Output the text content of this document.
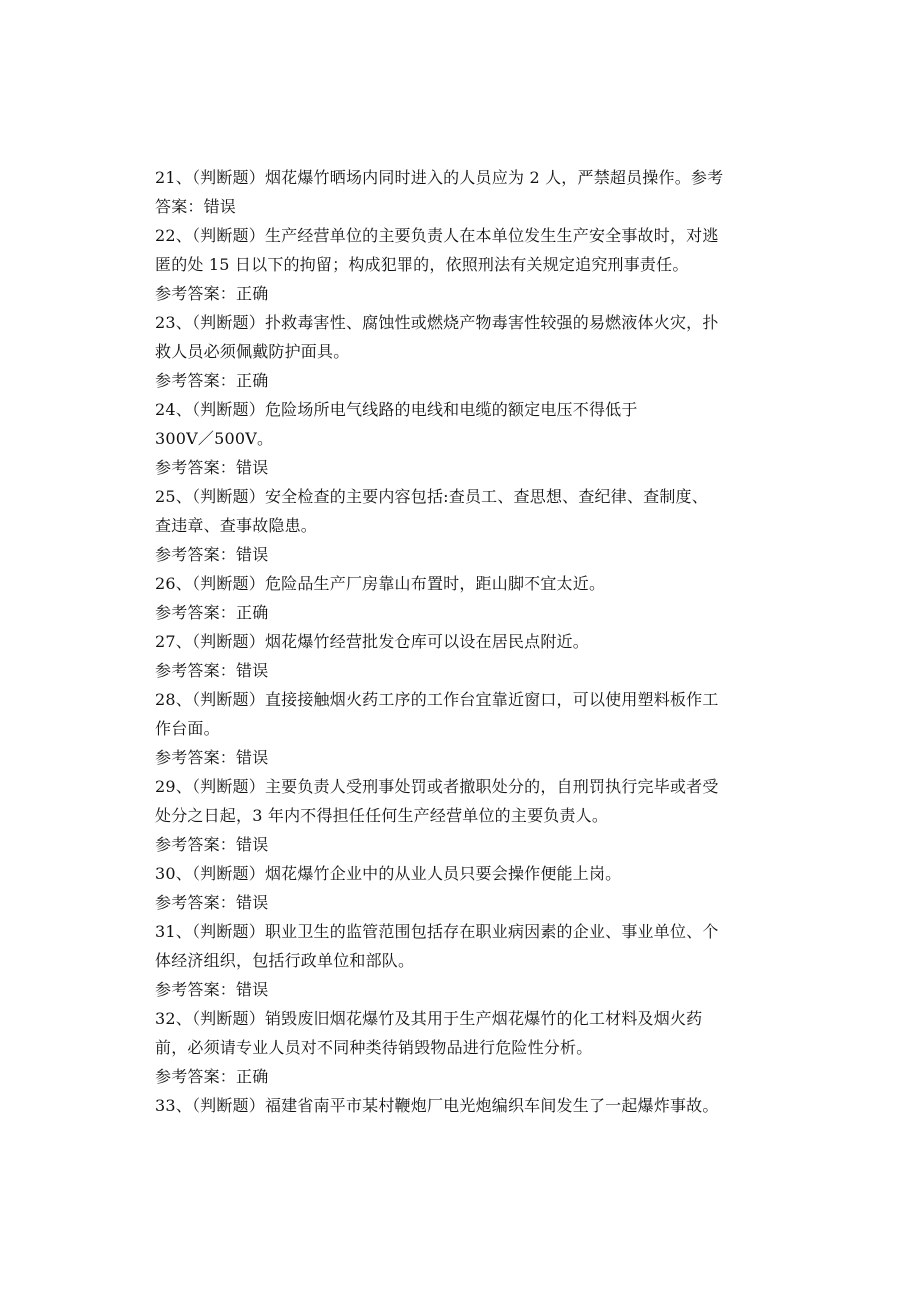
21、（判断题）烟花爆竹晒场内同时进入的人员应为 2 人，严禁超员操作。参考
答案：错误
22、（判断题）生产经营单位的主要负责人在本单位发生生产安全事故时，对逃
匿的处 15 日以下的拘留；构成犯罪的，依照刑法有关规定追究刑事责任。
参考答案：正确
23、（判断题）扑救毒害性、腐蚀性或燃烧产物毒害性较强的易燃液体火灾，扑
救人员必须佩戴防护面具。
参考答案：正确
24、（判断题）危险场所电气线路的电线和电缆的额定电压不得低于
300V／500V。
参考答案：错误
25、（判断题）安全检查的主要内容包括:查员工、查思想、查纪律、查制度、
查违章、查事故隐患。
参考答案：错误
26、（判断题）危险品生产厂房靠山布置时，距山脚不宜太近。
参考答案：正确
27、（判断题）烟花爆竹经营批发仓库可以设在居民点附近。
参考答案：错误
28、（判断题）直接接触烟火药工序的工作台宜靠近窗口，可以使用塑料板作工
作台面。
参考答案：错误
29、（判断题）主要负责人受刑事处罚或者撤职处分的，自刑罚执行完毕或者受
处分之日起，3 年内不得担任任何生产经营单位的主要负责人。
参考答案：错误
30、（判断题）烟花爆竹企业中的从业人员只要会操作便能上岗。
参考答案：错误
31、（判断题）职业卫生的监管范围包括存在职业病因素的企业、事业单位、个
体经济组织，包括行政单位和部队。
参考答案：错误
32、（判断题）销毁废旧烟花爆竹及其用于生产烟花爆竹的化工材料及烟火药
前，必须请专业人员对不同种类待销毁物品进行危险性分析。
参考答案：正确
33、（判断题）福建省南平市某村鞭炮厂电光炮编织车间发生了一起爆炸事故。
